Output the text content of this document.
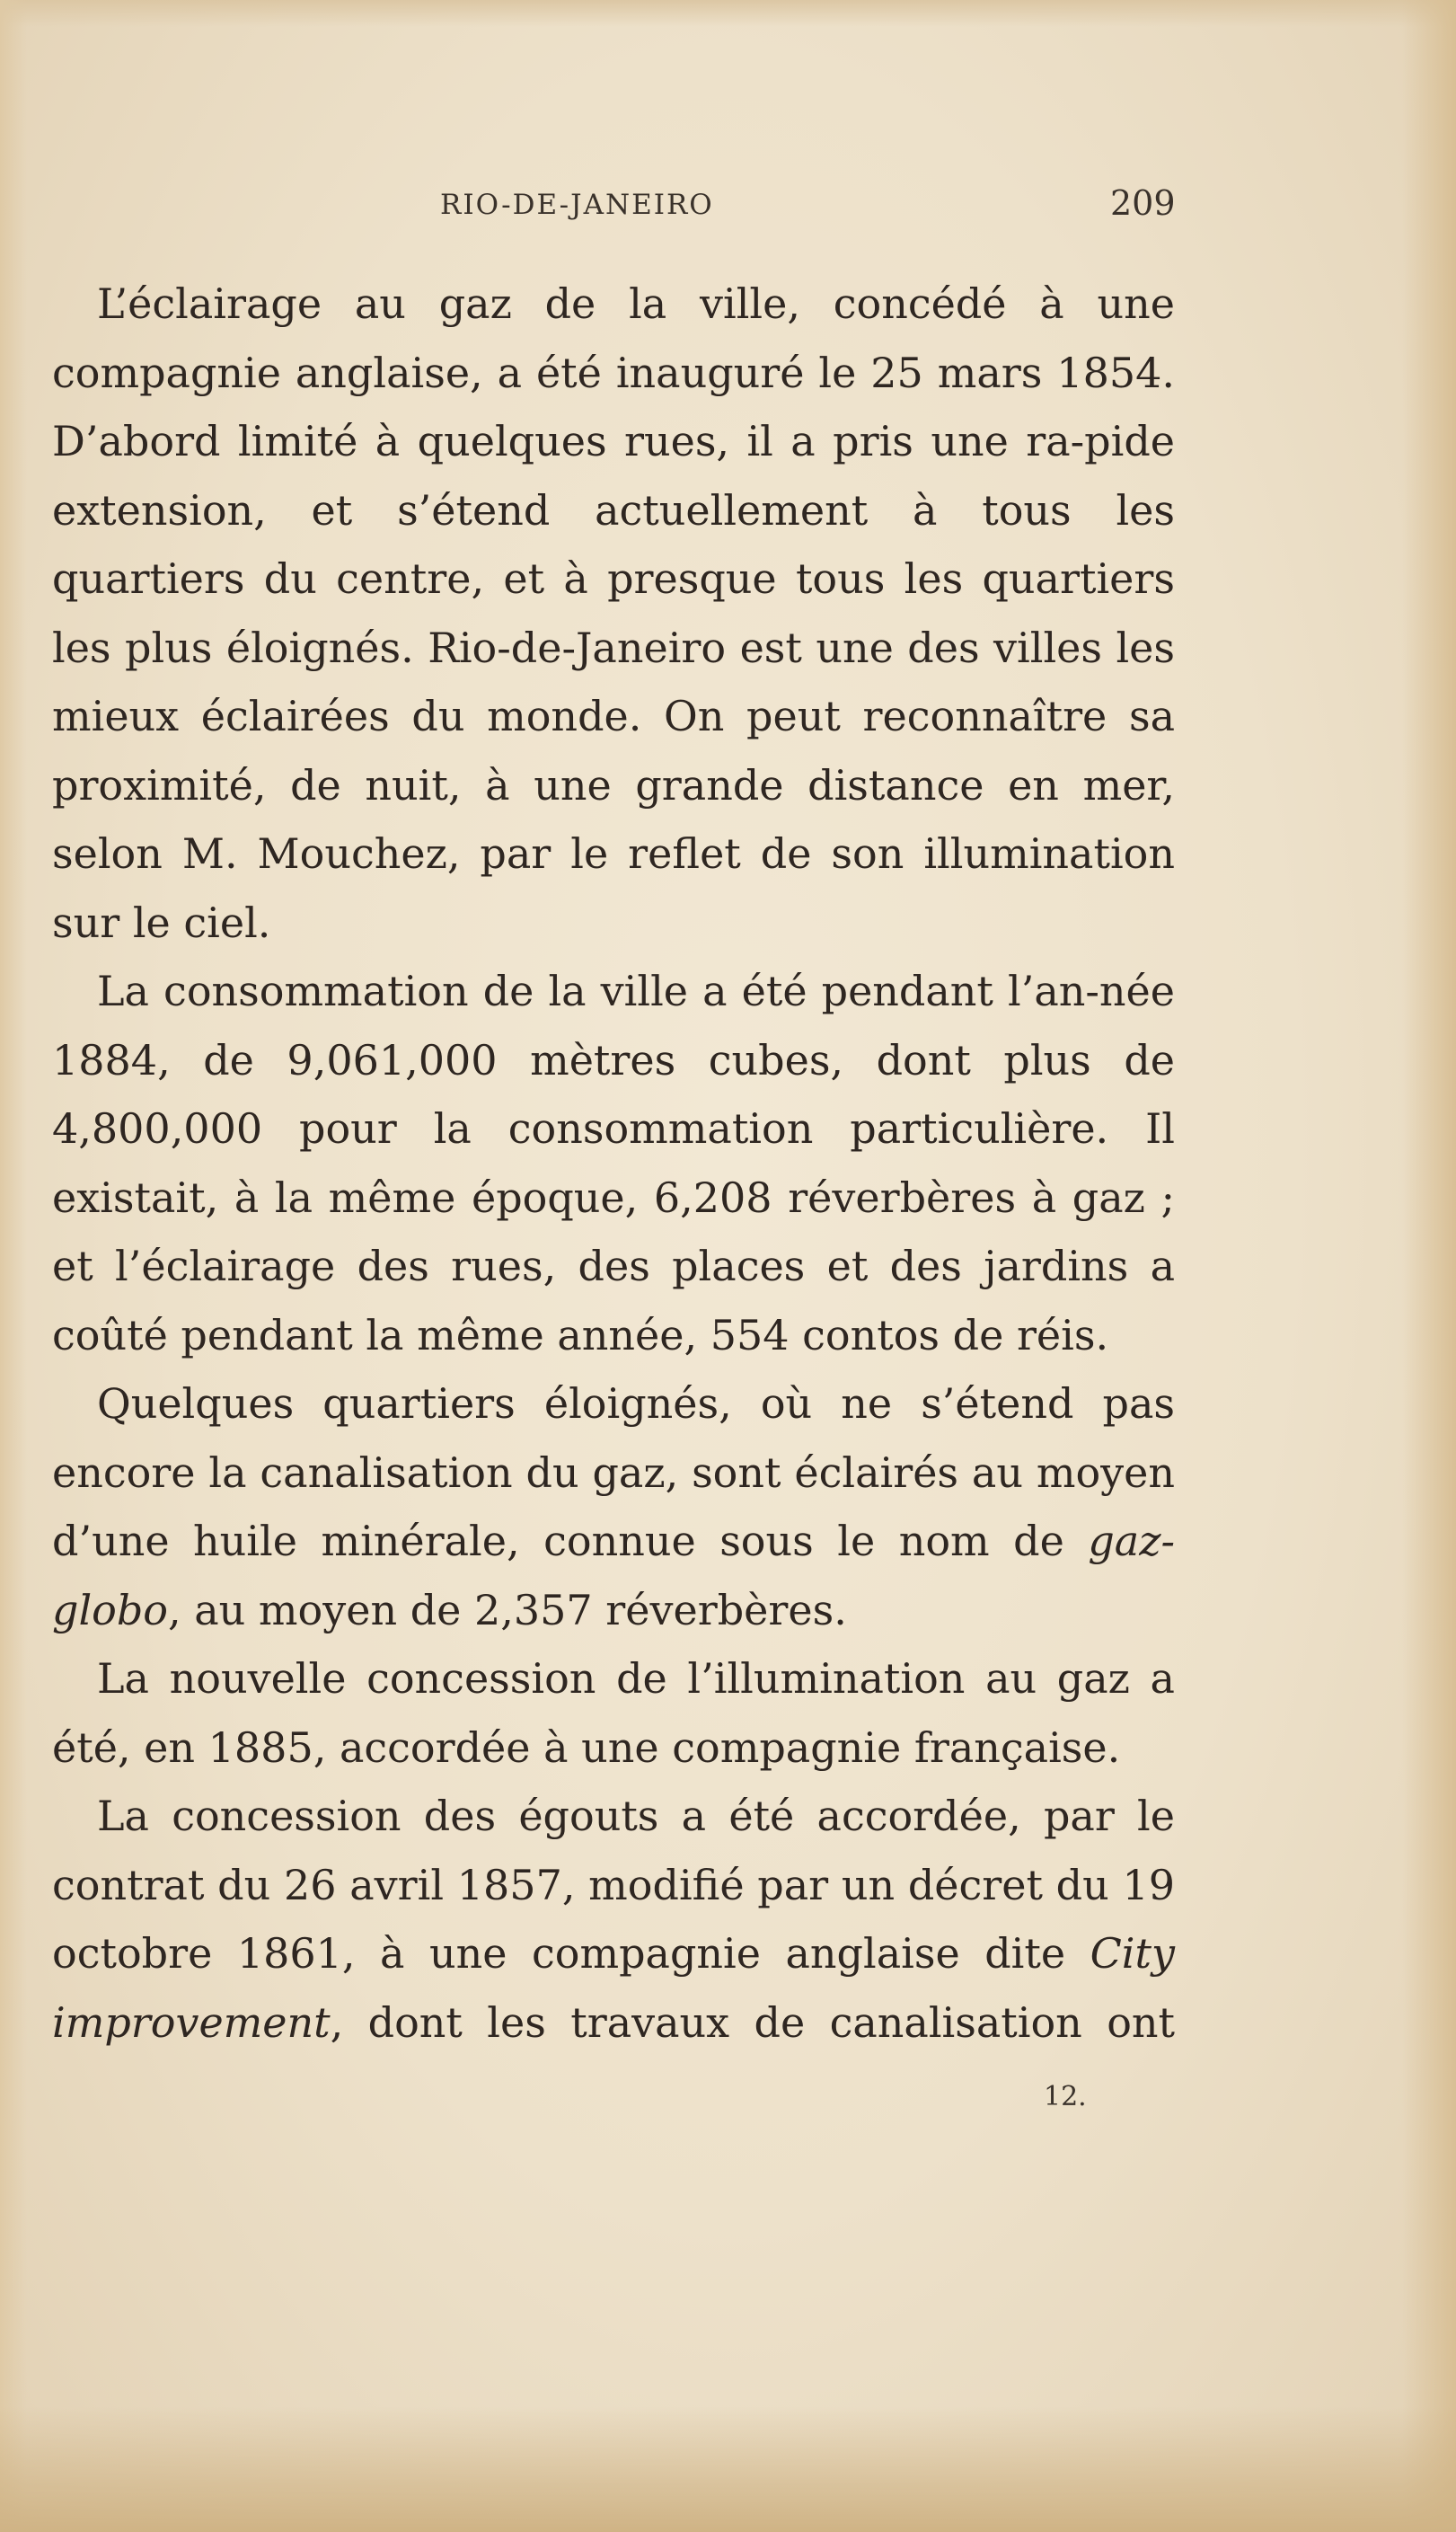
RIO-DE-JANEIRO	209

L’éclairage au gaz de la ville, concédé à une compagnie anglaise, a été inauguré le 25 mars 1854. D’abord limité à quelques rues, il a pris une ra-pide extension, et s’étend actuellement à tous les quartiers du centre, et à presque tous les quartiers les plus éloignés. Rio-de-Janeiro est une des villes les mieux éclairées du monde. On peut reconnaître sa proximité, de nuit, à une grande distance en mer, selon M. Mouchez, par le reflet de son illumination sur le ciel.

La consommation de la ville a été pendant l’an-née 1884, de 9,061,000 mètres cubes, dont plus de 4,800,000 pour la consommation particulière. Il existait, à la même époque, 6,208 réverbères à gaz ; et l’éclairage des rues, des places et des jardins a coûté pendant la même année, 554 contos de réis.

Quelques quartiers éloignés, où ne s’étend pas encore la canalisation du gaz, sont éclairés au moyen d’une huile minérale, connue sous le nom de gaz-globo, au moyen de 2,357 réverbères.

La nouvelle concession de l’illumination au gaz a été, en 1885, accordée à une compagnie française.

La concession des égouts a été accordée, par le contrat du 26 avril 1857, modifié par un décret du 19 octobre 1861, à une compagnie anglaise dite City improvement, dont les travaux de canalisation ont

12.
